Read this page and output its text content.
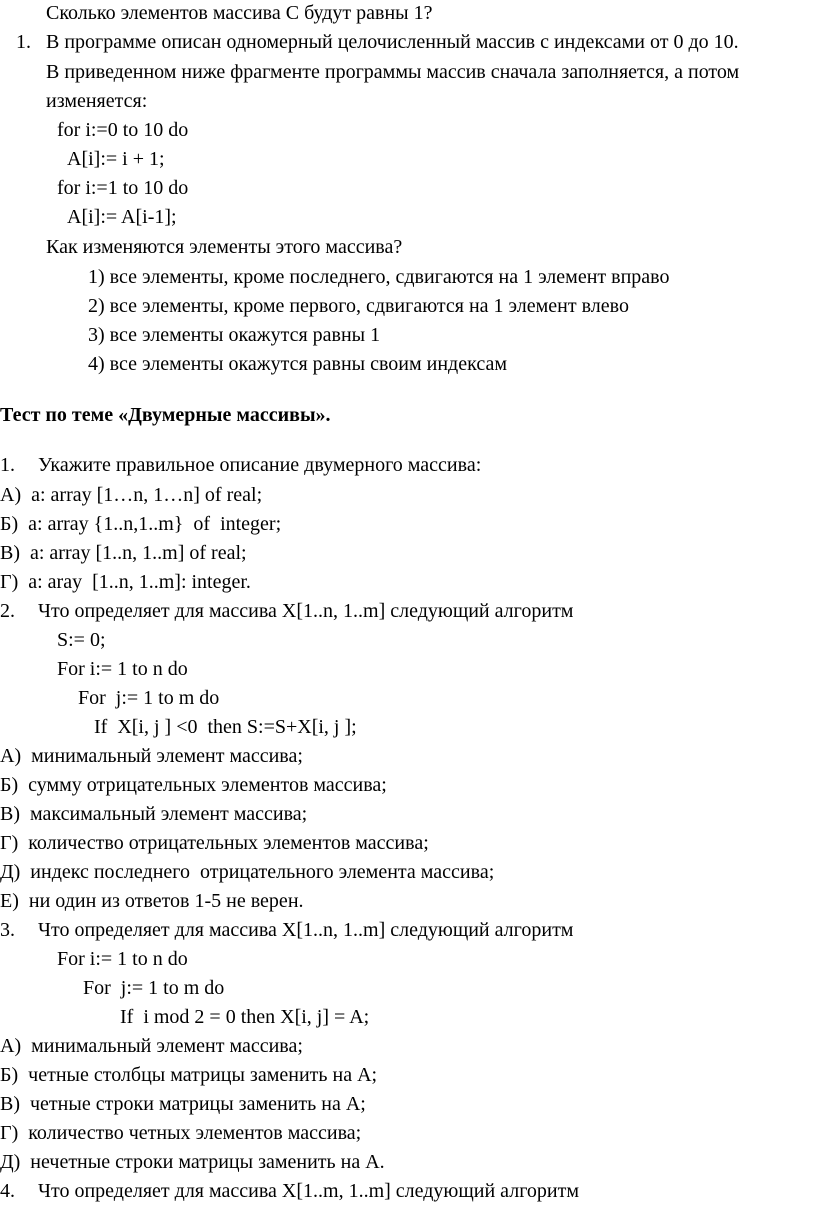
Сколько элементов массива С будут равны 1?
1. В программе описан одномерный целочисленный массив с индексами от 0 до 10.
В приведенном ниже фрагменте программы массив сначала заполняется, а потом
изменяется:
for i:=0 to 10 do
A[i]:= i + 1;
for i:=1 to 10 do
A[i]:= A[i-1];
Как изменяются элементы этого массива?
1) все элементы, кроме последнего, сдвигаются на 1 элемент вправо
2) все элементы, кроме первого, сдвигаются на 1 элемент влево
3) все элементы окажутся равны 1
4) все элементы окажутся равны своим индексам
Тест по теме «Двумерные массивы».
1. Укажите правильное описание двумерного массива:
А)  a: array [1…n, 1…n] of real;
Б)  a: array {1..n,1..m}  of  integer;
В)  a: array [1..n, 1..m] of real;
Г)  a: aray  [1..n, 1..m]: integer.
2. Что определяет для массива X[1..n, 1..m] следующий алгоритм
S:= 0;
For i:= 1 to n do
For  j:= 1 to m do
If  X[i, j ] <0  then S:=S+X[i, j ];
А)  минимальный элемент массива;
Б)  сумму отрицательных элементов массива;
В)  максимальный элемент массива;
Г)  количество отрицательных элементов массива;
Д)  индекс последнего  отрицательного элемента массива;
Е)  ни один из ответов 1-5 не верен.
3. Что определяет для массива X[1..n, 1..m] следующий алгоритм
For i:= 1 to n do
For  j:= 1 to m do
If  i mod 2 = 0 then X[i, j] = A;
А)  минимальный элемент массива;
Б)  четные столбцы матрицы заменить на А;
В)  четные строки матрицы заменить на А;
Г)  количество четных элементов массива;
Д)  нечетные строки матрицы заменить на А.
4. Что определяет для массива X[1..m, 1..m] следующий алгоритм
